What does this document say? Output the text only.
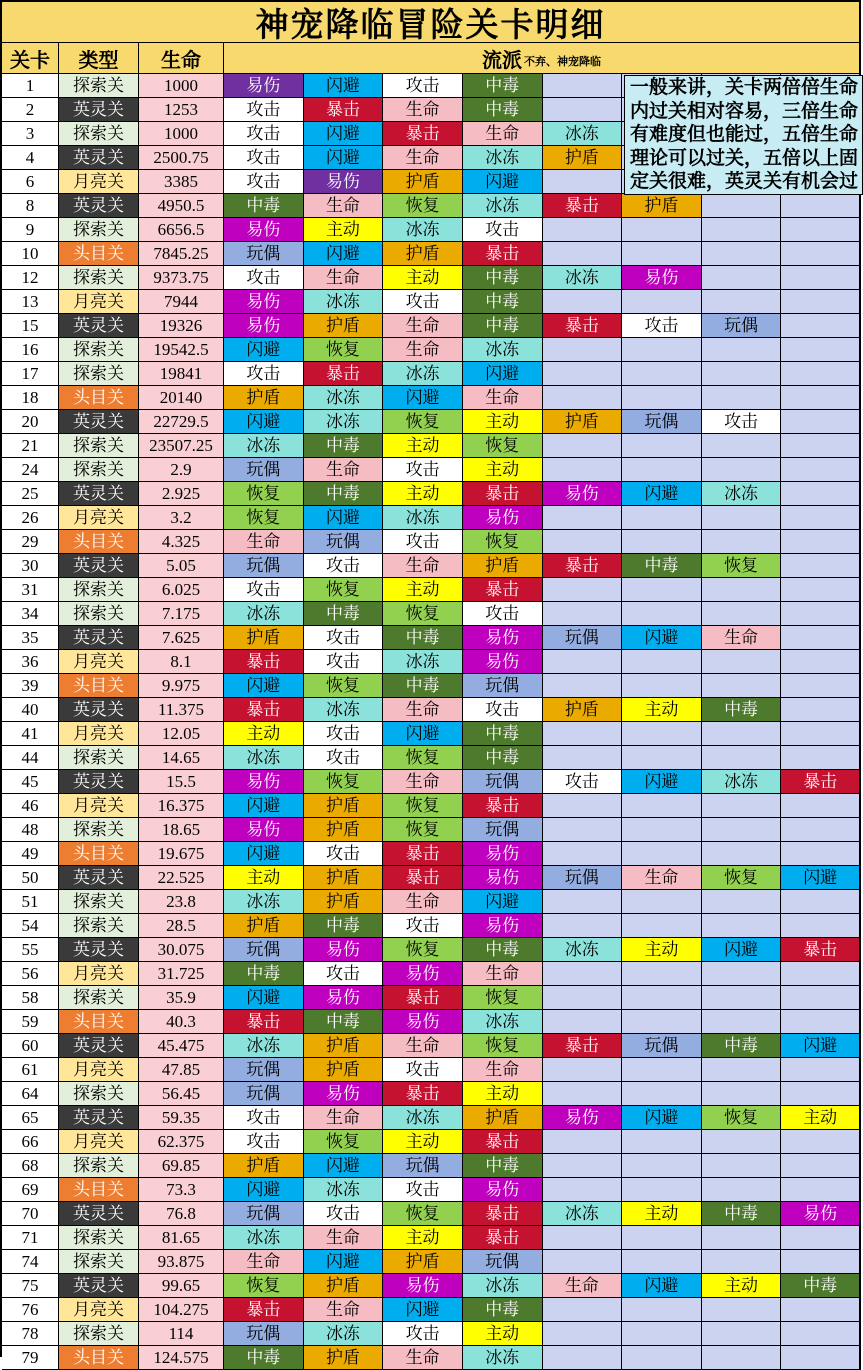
神宠降临冒险关卡明细
关卡	类型	生命	流派 不弃、神宠降临
1	探索关	1000	易伤	闪避	攻击	中毒
2	英灵关	1253	攻击	暴击	生命	中毒
3	探索关	1000	攻击	闪避	暴击	生命	冰冻
4	英灵关	2500.75	攻击	闪避	生命	冰冻	护盾
6	月亮关	3385	攻击	易伤	护盾	闪避
8	英灵关	4950.5	中毒	生命	恢复	冰冻	暴击	护盾
9	探索关	6656.5	易伤	主动	冰冻	攻击
10	头目关	7845.25	玩偶	闪避	护盾	暴击
12	探索关	9373.75	攻击	生命	主动	中毒	冰冻	易伤
13	月亮关	7944	易伤	冰冻	攻击	中毒
15	英灵关	19326	易伤	护盾	生命	中毒	暴击	攻击	玩偶
16	探索关	19542.5	闪避	恢复	生命	冰冻
17	探索关	19841	攻击	暴击	冰冻	闪避
18	头目关	20140	护盾	冰冻	闪避	生命
20	英灵关	22729.5	闪避	冰冻	恢复	主动	护盾	玩偶	攻击
21	探索关	23507.25	冰冻	中毒	主动	恢复
24	探索关	2.9	玩偶	生命	攻击	主动
25	英灵关	2.925	恢复	中毒	主动	暴击	易伤	闪避	冰冻
26	月亮关	3.2	恢复	闪避	冰冻	易伤
29	头目关	4.325	生命	玩偶	攻击	恢复
30	英灵关	5.05	玩偶	攻击	生命	护盾	暴击	中毒	恢复
31	探索关	6.025	攻击	恢复	主动	暴击
34	探索关	7.175	冰冻	中毒	恢复	攻击
35	英灵关	7.625	护盾	攻击	中毒	易伤	玩偶	闪避	生命
36	月亮关	8.1	暴击	攻击	冰冻	易伤
39	头目关	9.975	闪避	恢复	中毒	玩偶
40	英灵关	11.375	暴击	冰冻	生命	攻击	护盾	主动	中毒
41	月亮关	12.05	主动	攻击	闪避	中毒
44	探索关	14.65	冰冻	攻击	恢复	中毒
45	英灵关	15.5	易伤	恢复	生命	玩偶	攻击	闪避	冰冻	暴击
46	月亮关	16.375	闪避	护盾	恢复	暴击
48	探索关	18.65	易伤	护盾	恢复	玩偶
49	头目关	19.675	闪避	攻击	暴击	易伤
50	英灵关	22.525	主动	护盾	暴击	易伤	玩偶	生命	恢复	闪避
51	探索关	23.8	冰冻	护盾	生命	闪避
54	探索关	28.5	护盾	中毒	攻击	易伤
55	英灵关	30.075	玩偶	易伤	恢复	中毒	冰冻	主动	闪避	暴击
56	月亮关	31.725	中毒	攻击	易伤	生命
58	探索关	35.9	闪避	易伤	暴击	恢复
59	头目关	40.3	暴击	中毒	易伤	冰冻
60	英灵关	45.475	冰冻	护盾	生命	恢复	暴击	玩偶	中毒	闪避
61	月亮关	47.85	玩偶	护盾	攻击	生命
64	探索关	56.45	玩偶	易伤	暴击	主动
65	英灵关	59.35	攻击	生命	冰冻	护盾	易伤	闪避	恢复	主动
66	月亮关	62.375	攻击	恢复	主动	暴击
68	探索关	69.85	护盾	闪避	玩偶	中毒
69	头目关	73.3	闪避	冰冻	攻击	易伤
70	英灵关	76.8	玩偶	攻击	恢复	暴击	冰冻	主动	中毒	易伤
71	探索关	81.65	冰冻	生命	主动	暴击
74	探索关	93.875	生命	闪避	护盾	玩偶
75	英灵关	99.65	恢复	护盾	易伤	冰冻	生命	闪避	主动	中毒
76	月亮关	104.275	暴击	生命	闪避	中毒
78	探索关	114	玩偶	冰冻	攻击	主动
79	头目关	124.575	中毒	护盾	生命	冰冻
一般来讲，关卡两倍倍生命内过关相对容易，三倍生命有难度但也能过，五倍生命理论可以过关，五倍以上固定关很难，英灵关有机会过
